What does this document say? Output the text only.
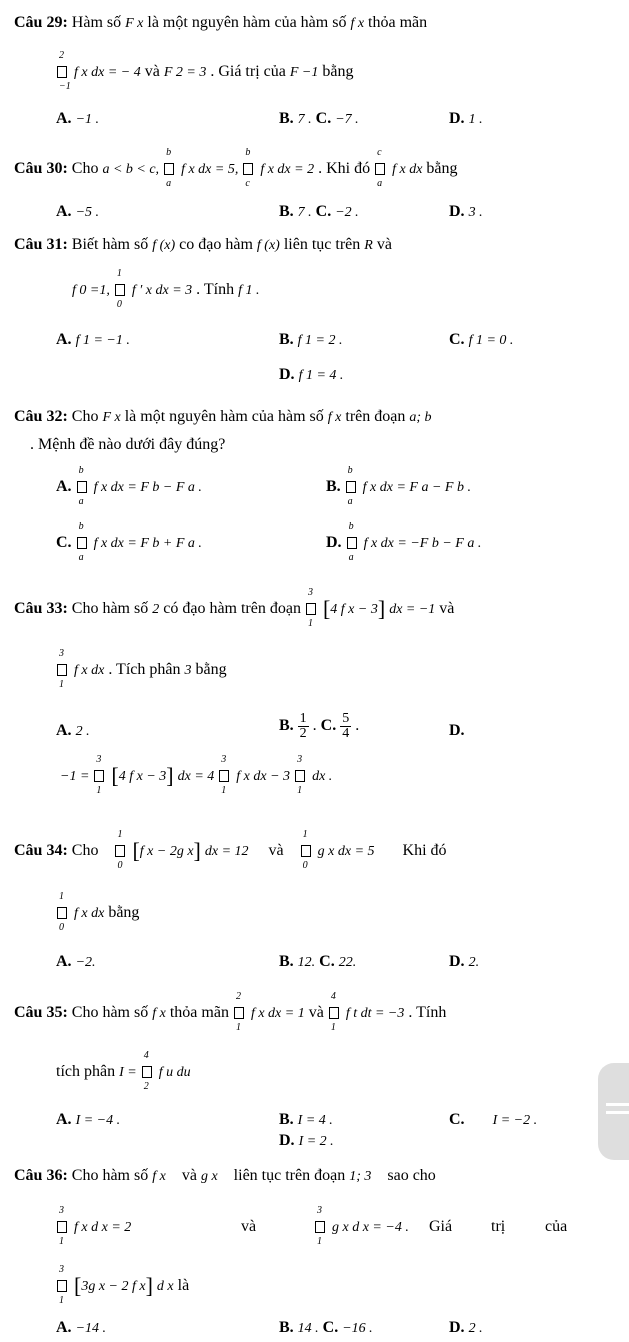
Câu 29: Hàm số F x là một nguyên hàm của hàm số f x thỏa mãn
2
−1
f x dx = − 4 và F 2 = 3 . Giá trị của F −1 bằng
A. −1 .	B. 7 . C. −7 .	D. 1 .
Câu 30: Cho a < b < c,
b
a
f x dx = 5,
b
c
f x dx = 2 . Khi đó
c
a
f x dx bằng
A. −5 .	B. 7 . C. −2 .	D. 3 .
Câu 31: Biết hàm số f (x) co đạo hàm f (x) liên tục trên R và
f 0 =1,
1
0
f ′ x dx = 3 . Tính f 1 .
A. f 1 = −1 .	B. f 1 = 2 .	C. f 1 = 0 .
D. f 1 = 4 .
Câu 32: Cho F x là một nguyên hàm của hàm số f x trên đoạn a; b
. Mệnh đề nào dưới đây đúng?
A.
b
a
f x dx = F b − F a .	B.
b
a
f x dx = F a − F b .
C.
b
a
f x dx = F b + F a .	D.
b
a
f x dx = −F b − F a .
Câu 33: Cho hàm số 2 có đạo hàm trên đoạn
3
1
[4 f x − 3] dx = −1 và
3
1
f x dx . Tích phân 3 bằng
A. 2 .	B. $\frac{1}{2}$ . C. $\frac{5}{4}$ .	D.
−1 =
3
1
[4 f x − 3] dx = 4
3
1
f x dx − 3
3
1
dx .
Câu 34: Cho
1
0
[f x − 2g x] dx = 12 và
1
0
g x dx = 5 Khi đó
1
0
f x dx bằng
A. −2.	B. 12. C. 22.	D. 2.
Câu 35: Cho hàm số f x thỏa mãn
2
1
f x dx = 1 và
4
1
f t dt = −3 . Tính
tích phân I =
4
2
f u du
A. I = −4 .	B. I = 4 .	C. I = −2 .
D. I = 2 .
Câu 36: Cho hàm số f x và g x liên tục trên đoạn 1; 3 sao cho
3
1
f x d x = 2	và
3
1
g x d x = −4 . Giá trị của
3
1
[3g x − 2 f x] d x là
A. −14 .	B. 14 . C. −16 .	D. 2 .
